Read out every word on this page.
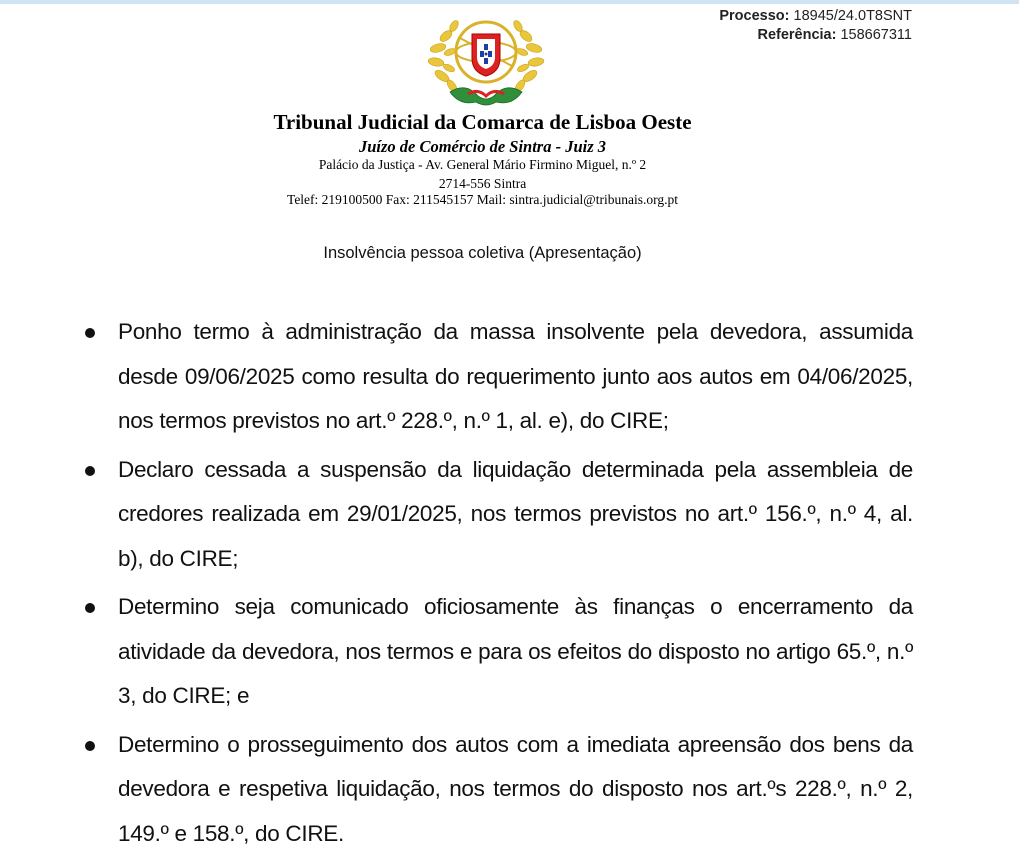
Processo: 18945/24.0T8SNT
Referência: 158667311
Tribunal Judicial da Comarca de Lisboa Oeste
Juízo de Comércio de Sintra - Juiz 3
Palácio da Justiça - Av. General Mário Firmino Miguel, n.º 2
2714-556 Sintra
Telef: 219100500 Fax: 211545157 Mail: sintra.judicial@tribunais.org.pt
Insolvência pessoa coletiva (Apresentação)
Ponho termo à administração da massa insolvente pela devedora, assumida desde 09/06/2025 como resulta do requerimento junto aos autos em 04/06/2025, nos termos previstos no art.º 228.º, n.º 1, al. e), do CIRE;
Declaro cessada a suspensão da liquidação determinada pela assembleia de credores realizada em 29/01/2025, nos termos previstos no art.º 156.º, n.º 4, al. b), do CIRE;
Determino seja comunicado oficiosamente às finanças o encerramento da atividade da devedora, nos termos e para os efeitos do disposto no artigo 65.º, n.º 3, do CIRE; e
Determino o prosseguimento dos autos com a imediata apreensão dos bens da devedora e respetiva liquidação, nos termos do disposto nos art.ºs 228.º, n.º 2, 149.º e 158.º, do CIRE.
